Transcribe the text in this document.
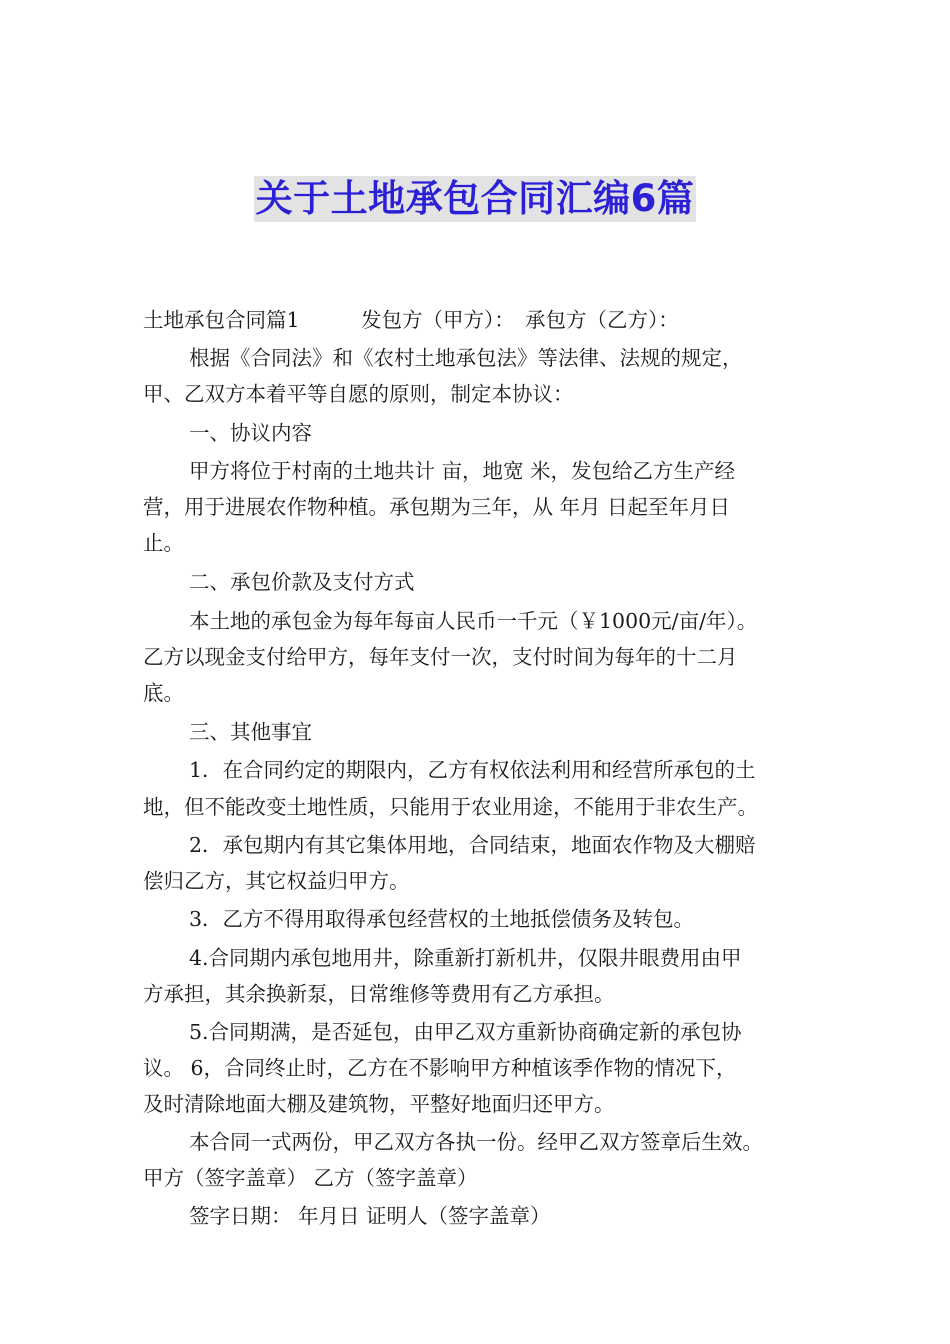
关于土地承包合同汇编6篇
土地承包合同篇1　　　发包方（甲方）：　承包方（乙方）：
根据《合同法》和《农村土地承包法》等法律、法规的规定，
甲、乙双方本着平等自愿的原则，制定本协议：
一、协议内容
甲方将位于村南的土地共计 亩，地宽 米，发包给乙方生产经
营，用于进展农作物种植。承包期为三年，从 年月 日起至年月日
止。
二、承包价款及支付方式
本土地的承包金为每年每亩人民币一千元（￥1000元/亩/年）。
乙方以现金支付给甲方，每年支付一次，支付时间为每年的十二月
底。
三、其他事宜
1．在合同约定的期限内，乙方有权依法利用和经营所承包的土
地，但不能改变土地性质，只能用于农业用途，不能用于非农生产。
2．承包期内有其它集体用地，合同结束，地面农作物及大棚赔
偿归乙方，其它权益归甲方。
3．乙方不得用取得承包经营权的土地抵偿债务及转包。
4.合同期内承包地用井，除重新打新机井，仅限井眼费用由甲
方承担，其余换新泵，日常维修等费用有乙方承担。
5.合同期满，是否延包，由甲乙双方重新协商确定新的承包协
议。 6，合同终止时，乙方在不影响甲方种植该季作物的情况下，
及时清除地面大棚及建筑物，平整好地面归还甲方。
本合同一式两份，甲乙双方各执一份。经甲乙双方签章后生效。
甲方（签字盖章） 乙方（签字盖章）
签字日期： 年月日 证明人（签字盖章）
